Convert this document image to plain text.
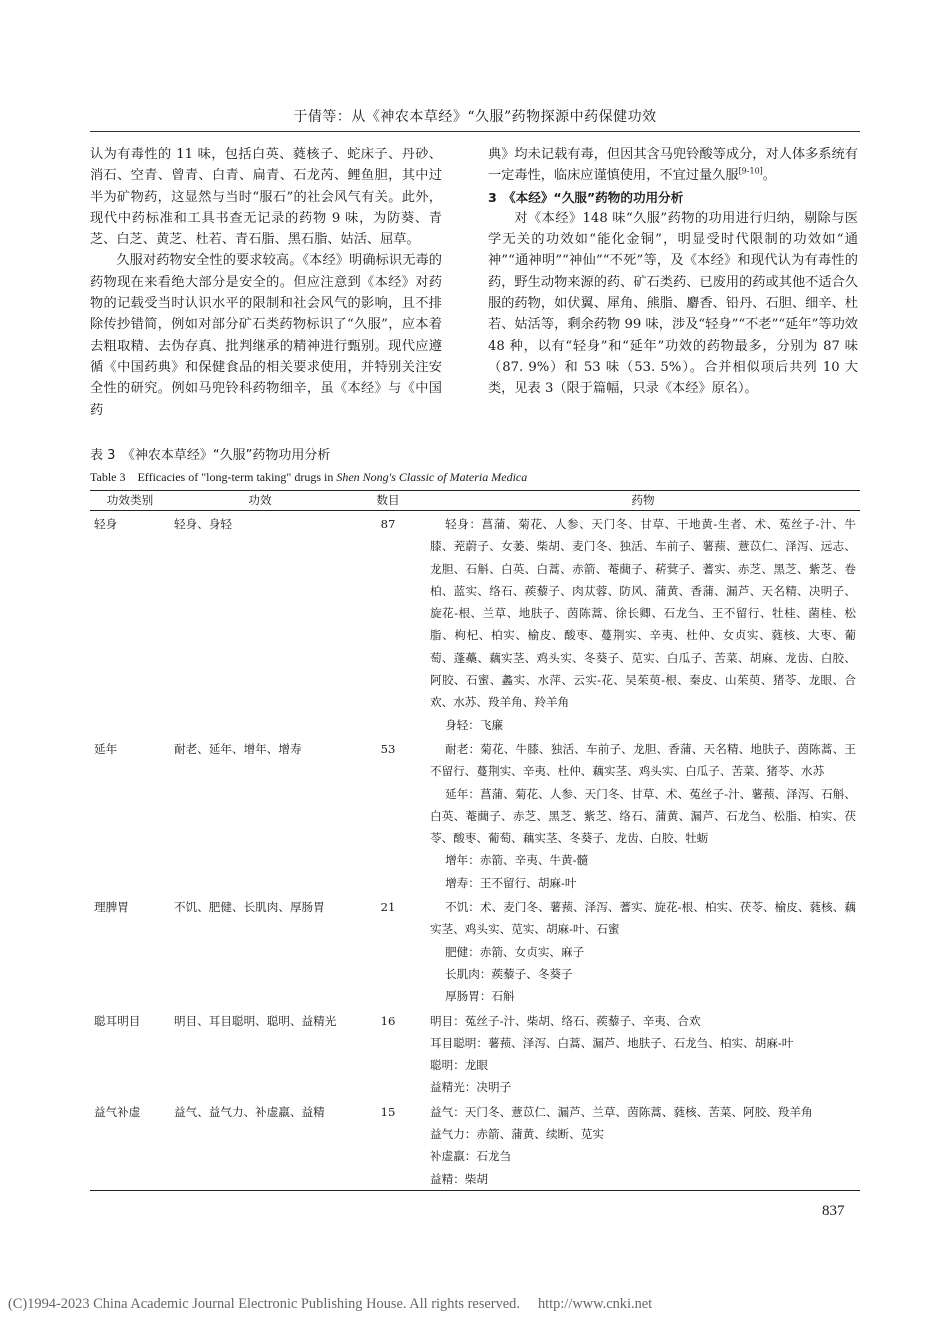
于倩等：从《神农本草经》“久服”药物探源中药保健功效

认为有毒性的 11 味，包括白英、蕤核子、蛇床子、丹砂、消石、空青、曾青、白青、扁青、石龙芮、鲤鱼胆，其中过半为矿物药，这显然与当时“服石”的社会风气有关。此外，现代中药标准和工具书查无记录的药物 9 味，为防葵、青芝、白芝、黄芝、杜若、青石脂、黑石脂、姑活、屈草。

久服对药物安全性的要求较高。《本经》明确标识无毒的药物现在来看绝大部分是安全的。但应注意到《本经》对药物的记载受当时认识水平的限制和社会风气的影响，且不排除传抄错简，例如对部分矿石类药物标识了“久服”，应本着去粗取精、去伪存真、批判继承的精神进行甄别。现代应遵循《中国药典》和保健食品的相关要求使用，并特别关注安全性的研究。例如马兜铃科药物细辛，虽《本经》与《中国药

典》均未记载有毒，但因其含马兜铃酸等成分，对人体多系统有一定毒性，临床应谨慎使用，不宜过量久服[9-10]。

3　《本经》“久服”药物的功用分析

对《本经》148 味“久服”药物的功用进行归纳，剔除与医学无关的功效如“能化金铜”，明显受时代限制的功效如“通神”“通神明”“神仙”“不死”等，及《本经》和现代认为有毒性的药，野生动物来源的药、矿石类药、已废用的药或其他不适合久服的药物，如伏翼、犀角、熊脂、麝香、铅丹、石胆、细辛、杜若、姑活等，剩余药物 99 味，涉及“轻身”“不老”“延年”等功效 48 种，以有“轻身”和“延年”功效的药物最多，分别为 87 味（87. 9%）和 53 味（53. 5%）。合并相似项后共列 10 大类，见表 3（限于篇幅，只录《本经》原名）。

表 3　《神农本草经》“久服”药物功用分析
Table 3　Efficacies of "long-term taking" drugs in Shen Nong's Classic of Materia Medica
功效类别	功效	数目	药物
轻身	轻身、身轻	87	轻身：菖蒲、菊花、人参、天门冬、甘草、干地黄-生者、术、菟丝子-汁、牛膝、茺蔚子、女萎、柴胡、麦门冬、独活、车前子、薯蓣、薏苡仁、泽泻、远志、龙胆、石斛、白英、白蒿、赤箭、菴䕡子、菥蓂子、蓍实、赤芝、黑芝、紫芝、卷柏、蓝实、络石、蒺藜子、肉苁蓉、防风、蒲黄、香蒲、漏芦、天名精、决明子、旋花-根、兰草、地肤子、茵陈蒿、徐长卿、石龙刍、王不留行、牡桂、菌桂、松脂、枸杞、柏实、榆皮、酸枣、蔓荆实、辛夷、杜仲、女贞实、蕤核、大枣、葡萄、蓬蘽、藕实茎、鸡头实、冬葵子、苋实、白瓜子、苦菜、胡麻、龙齿、白胶、阿胶、石蜜、蠡实、水萍、云实-花、吴茱萸-根、秦皮、山茱萸、猪苓、龙眼、合欢、水苏、羖羊角、羚羊角
身轻：飞廉

延年	耐老、延年、增年、增寿	53	耐老：菊花、牛膝、独活、车前子、龙胆、香蒲、天名精、地肤子、茵陈蒿、王不留行、蔓荆实、辛夷、杜仲、藕实茎、鸡头实、白瓜子、苦菜、猪苓、水苏
延年：菖蒲、菊花、人参、天门冬、甘草、术、菟丝子-汁、薯蓣、泽泻、石斛、白英、菴䕡子、赤芝、黑芝、紫芝、络石、蒲黄、漏芦、石龙刍、松脂、柏实、茯苓、酸枣、葡萄、藕实茎、冬葵子、龙齿、白胶、牡蛎
增年：赤箭、辛夷、牛黄-髓
增寿：王不留行、胡麻-叶

理脾胃	不饥、肥健、长肌肉、厚肠胃	21	不饥：术、麦门冬、薯蓣、泽泻、蓍实、旋花-根、柏实、茯苓、榆皮、蕤核、藕实茎、鸡头实、苋实、胡麻-叶、石蜜
肥健：赤箭、女贞实、麻子
长肌肉：蒺藜子、冬葵子
厚肠胃：石斛

聪耳明目	明目、耳目聪明、聪明、益精光	16	明目：菟丝子-汁、柴胡、络石、蒺藜子、辛夷、合欢
耳目聪明：薯蓣、泽泻、白蒿、漏芦、地肤子、石龙刍、柏实、胡麻-叶
聪明：龙眼
益精光：决明子

益气补虚	益气、益气力、补虚羸、益精	15	益气：天门冬、薏苡仁、漏芦、兰草、茵陈蒿、蕤核、苦菜、阿胶、羖羊角
益气力：赤箭、蒲黄、续断、苋实
补虚羸：石龙刍
益精：柴胡
837
(C)1994-2023 China Academic Journal Electronic Publishing House. All rights reserved. http://www.cnki.net
